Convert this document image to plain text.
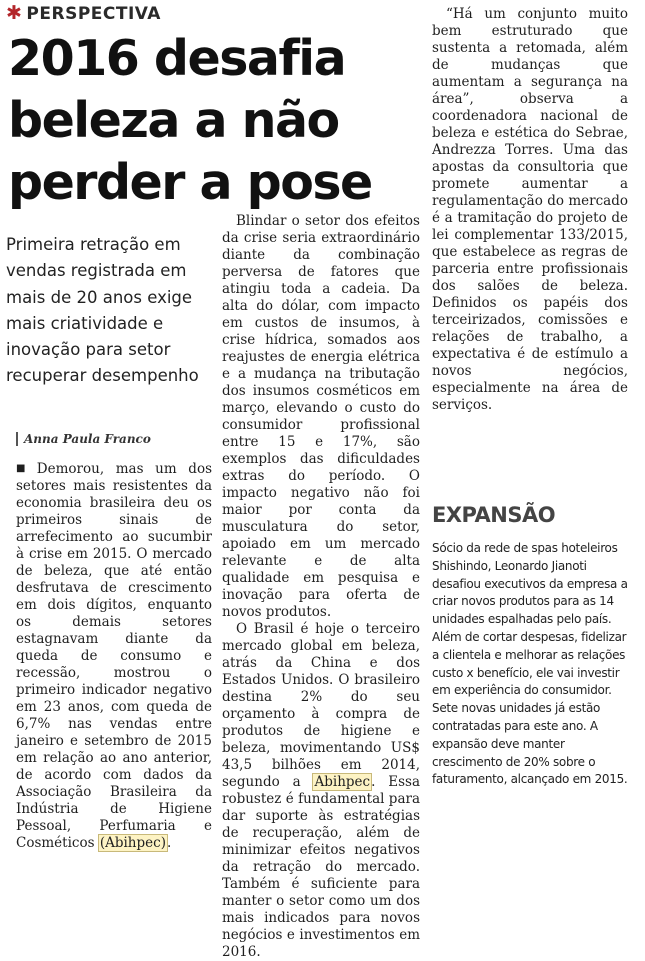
✱ PERSPECTIVA
2016 desafia beleza a não perder a pose
Primeira retração em vendas registrada em mais de 20 anos exige mais criatividade e inovação para setor recuperar desempenho
Anna Paula Franco

■ Demorou, mas um dos setores mais resistentes da economia brasileira deu os primeiros sinais de arrefecimento ao sucumbir à crise em 2015. O mercado de beleza, que até então desfrutava de crescimento em dois dígitos, enquanto os demais setores estagnavam diante da queda de consumo e recessão, mostrou o primeiro indicador negativo em 23 anos, com queda de 6,7% nas vendas entre janeiro e setembro de 2015 em relação ao ano anterior, de acordo com dados da Associação Brasileira da Indústria de Higiene Pessoal, Perfumaria e Cosméticos (Abihpec).

Blindar o setor dos efeitos da crise seria extraordinário diante da combinação perversa de fatores que atingiu toda a cadeia. Da alta do dólar, com impacto em custos de insumos, à crise hídrica, somados aos reajustes de energia elétrica e a mudança na tributação dos insumos cosméticos em março, elevando o custo do consumidor profissional entre 15 e 17%, são exemplos das dificuldades extras do período. O impacto negativo não foi maior por conta da musculatura do setor, apoiado em um mercado relevante e de alta qualidade em pesquisa e inovação para oferta de novos produtos.

O Brasil é hoje o terceiro mercado global em beleza, atrás da China e dos Estados Unidos. O brasileiro destina 2% do seu orçamento à compra de produtos de higiene e beleza, movimentando US$ 43,5 bilhões em 2014, segundo a Abihpec. Essa robustez é fundamental para dar suporte às estratégias de recuperação, além de minimizar efeitos negativos da retração do mercado. Também é suficiente para manter o setor como um dos mais indicados para novos negócios e investimentos em 2016.

“Há um conjunto muito bem estruturado que sustenta a retomada, além de mudanças que aumentam a segurança na área”, observa a coordenadora nacional de beleza e estética do Sebrae, Andrezza Torres. Uma das apostas da consultoria que promete aumentar a regulamentação do mercado é a tramitação do projeto de lei complementar 133/2015, que estabelece as regras de parceria entre profissionais dos salões de beleza. Definidos os papéis dos terceirizados, comissões e relações de trabalho, a expectativa é de estímulo a novos negócios, especialmente na área de serviços.

EXPANSÃO
Sócio da rede de spas hoteleiros Shishindo, Leonardo Jianoti desafiou executivos da empresa a criar novos produtos para as 14 unidades espalhadas pelo país. Além de cortar despesas, fidelizar a clientela e melhorar as relações custo x benefício, ele vai investir em experiência do consumidor. Sete novas unidades já estão contratadas para este ano. A expansão deve manter crescimento de 20% sobre o faturamento, alcançado em 2015.
